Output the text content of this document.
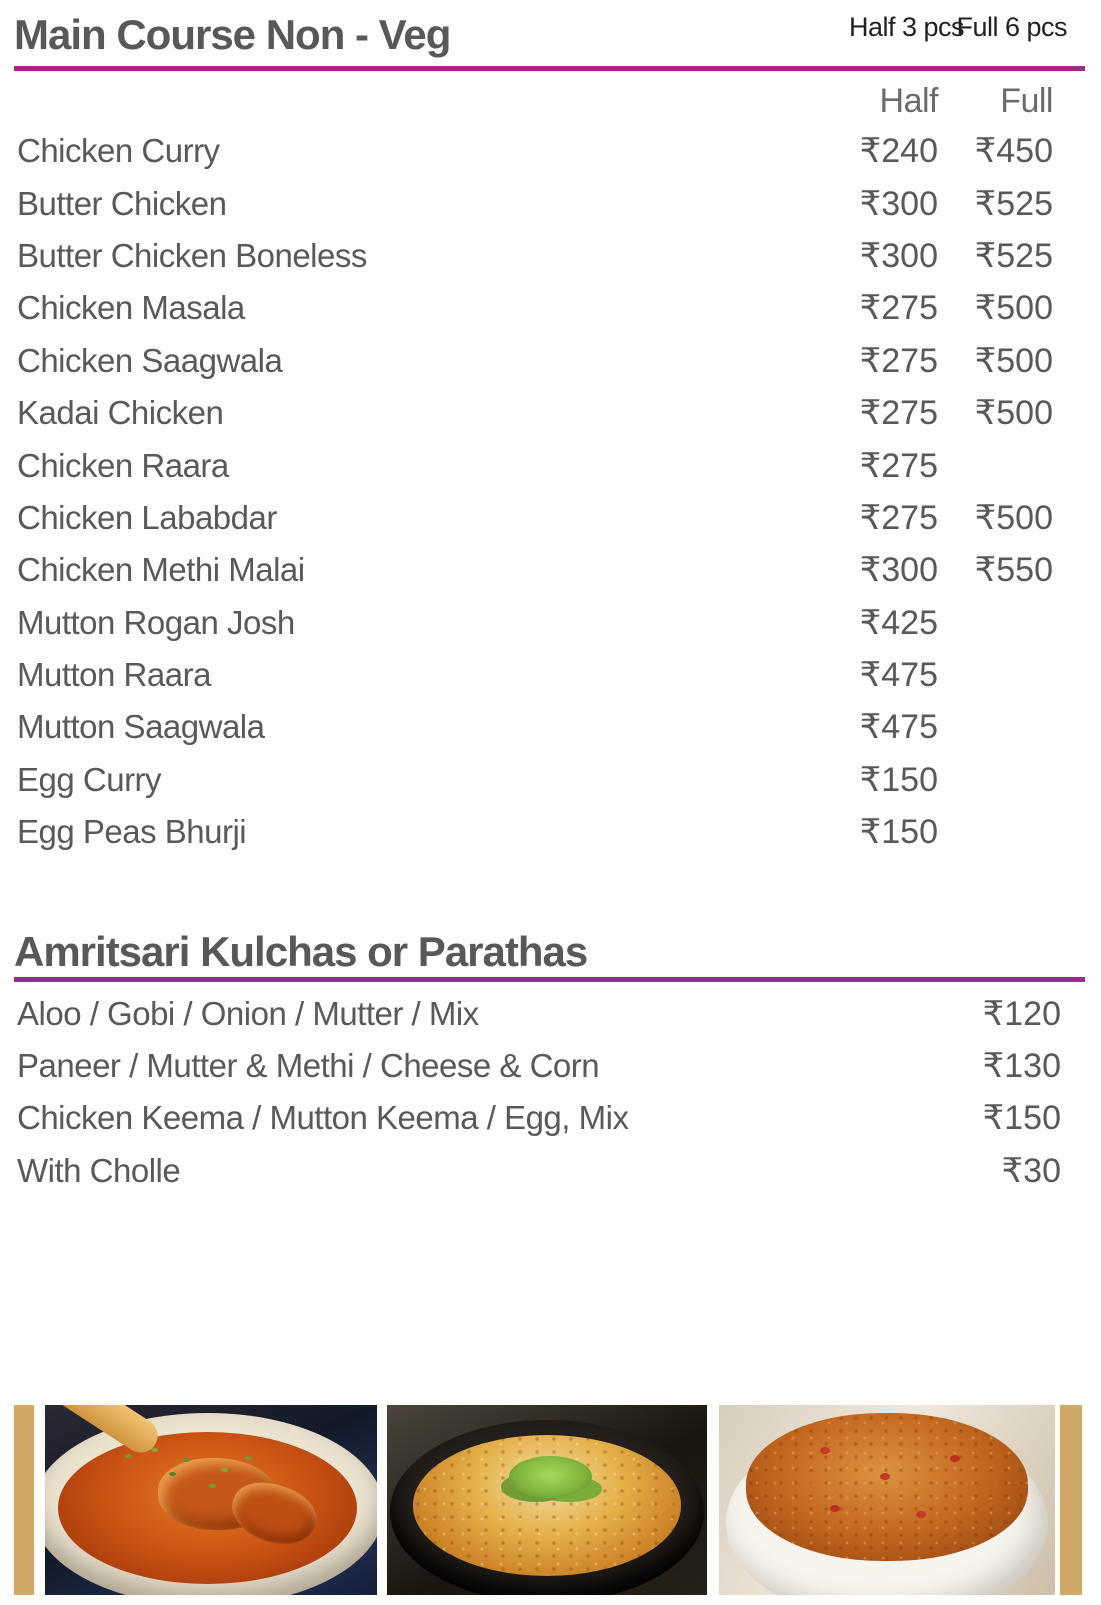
Main Course Non - Veg	Half 3 pcs
Full 6 pcs
Half	Full
Chicken Curry	₹240	₹450
Butter Chicken	₹300	₹525
Butter Chicken Boneless	₹300	₹525
Chicken Masala	₹275	₹500
Chicken Saagwala	₹275	₹500
Kadai Chicken	₹275	₹500
Chicken Raara	₹275
Chicken Lababdar	₹275	₹500
Chicken Methi Malai	₹300	₹550
Mutton Rogan Josh	₹425
Mutton Raara	₹475
Mutton Saagwala	₹475
Egg Curry	₹150
Egg Peas Bhurji	₹150
Amritsari Kulchas or Parathas
Aloo / Gobi / Onion / Mutter / Mix	₹120
Paneer / Mutter & Methi / Cheese & Corn	₹130
Chicken Keema / Mutton Keema / Egg, Mix	₹150
With Cholle	₹30
